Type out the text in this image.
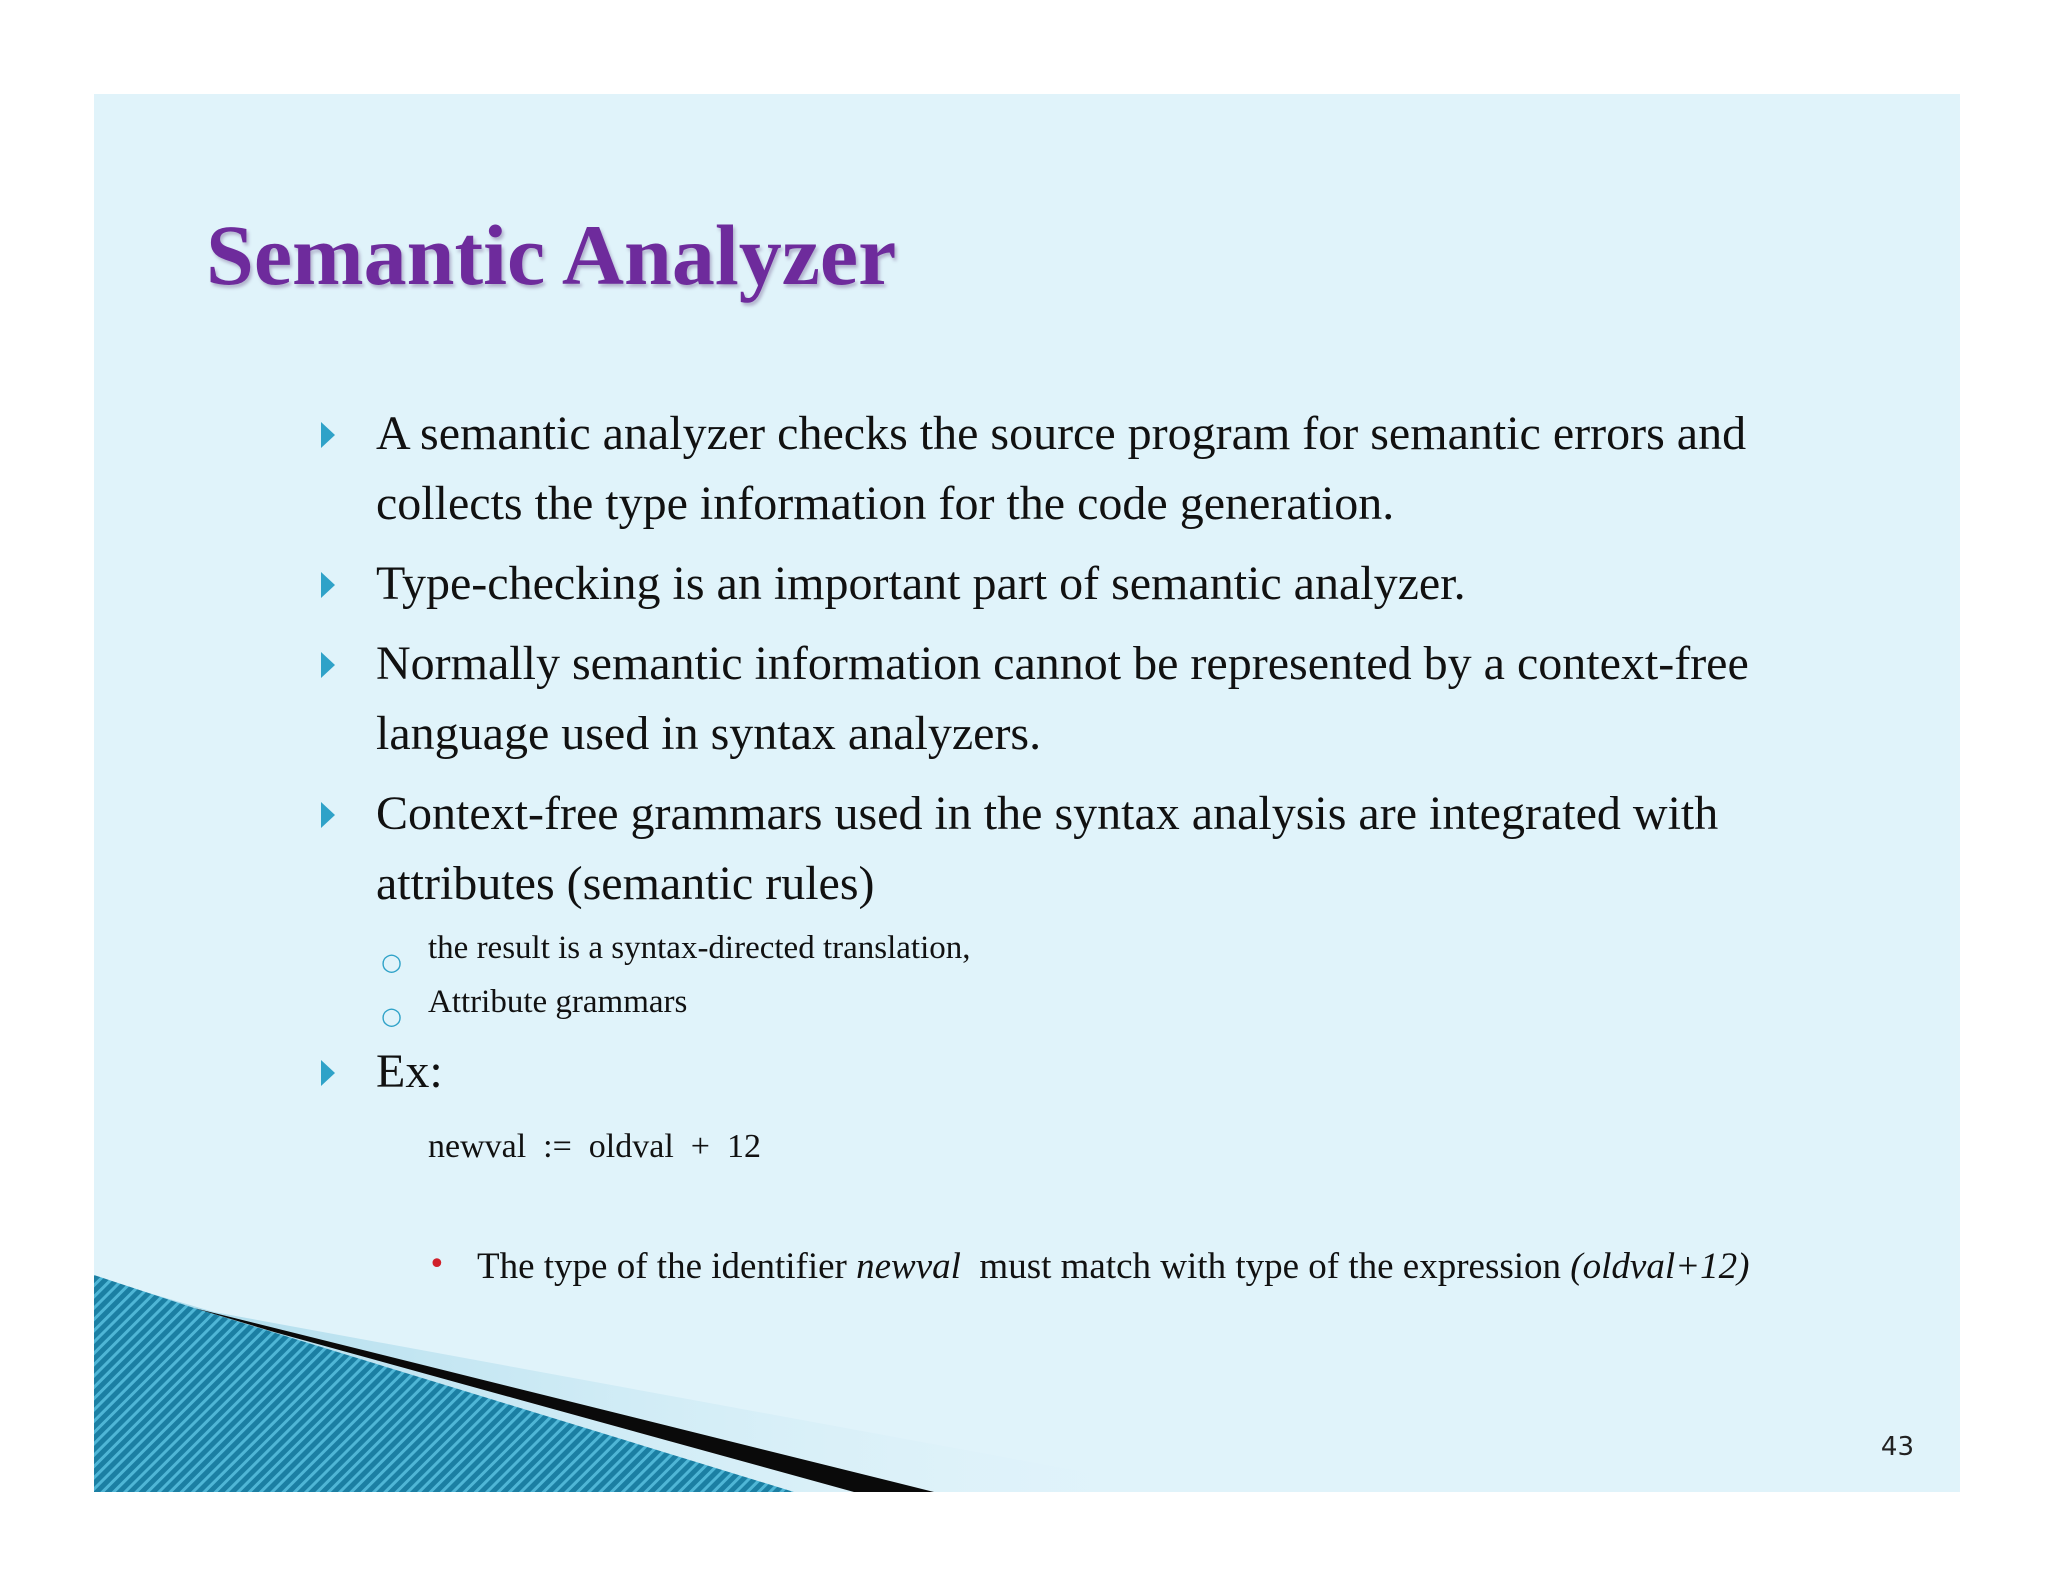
Semantic Analyzer
A semantic analyzer checks the source program for semantic errors and
collects the type information for the code generation.
Type-checking is an important part of semantic analyzer.
Normally semantic information cannot be represented by a context-free
language used in syntax analyzers.
Context-free grammars used in the syntax analysis are integrated with
attributes (semantic rules)
○ the result is a syntax-directed translation,
○ Attribute grammars
Ex:
newval  :=  oldval  +  12
• The type of the identifier newval  must match with type of the expression (oldval+12)
43
